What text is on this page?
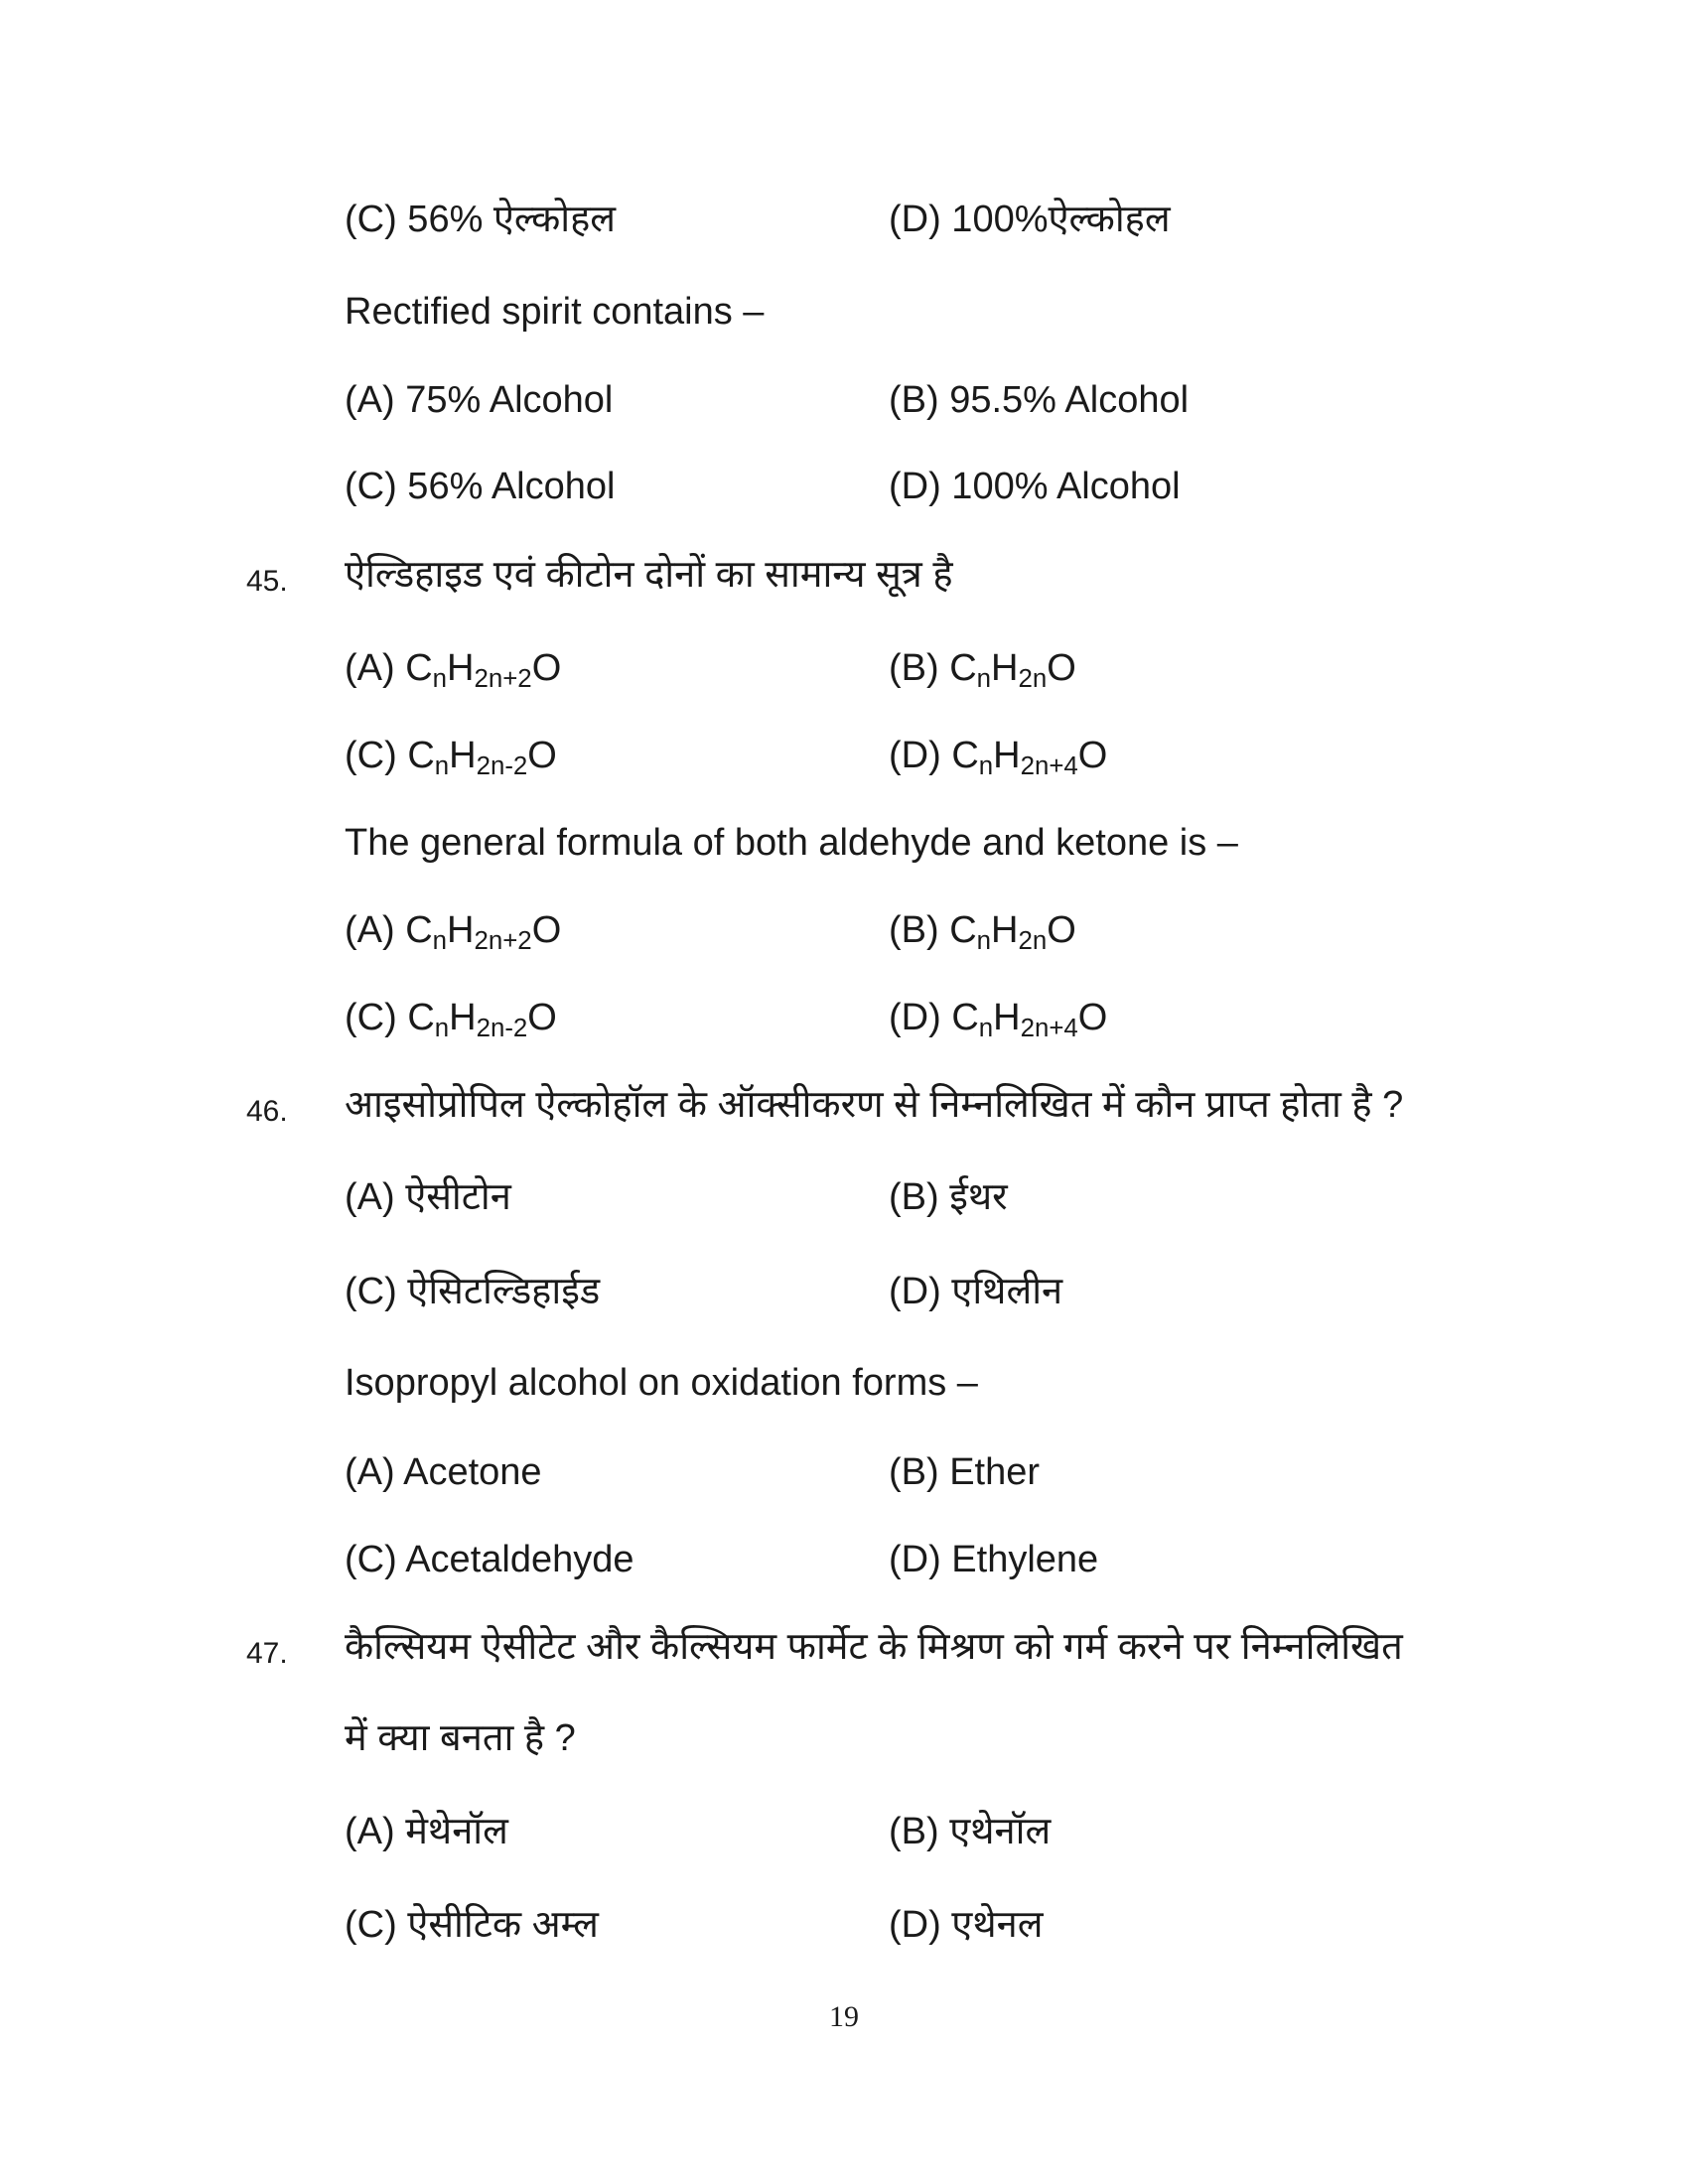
(C) 56% ऐल्कोहल	(D) 100%ऐल्कोहल
Rectified spirit contains –
(A) 75% Alcohol	(B) 95.5% Alcohol
(C) 56% Alcohol	(D) 100% Alcohol
45. ऐल्डिहाइड एवं कीटोन दोनों का सामान्य सूत्र है
(A) $C_nH_{2n+2}O$	(B) $C_nH_{2n}O$
(C) $C_nH_{2n-2}O$	(D) $C_nH_{2n+4}O$
The general formula of both aldehyde and ketone is –
(A) $C_nH_{2n+2}O$	(B) $C_nH_{2n}O$
(C) $C_nH_{2n-2}O$	(D) $C_nH_{2n+4}O$
46. आइसोप्रोपिल ऐल्कोहॉल के ऑक्सीकरण से निम्नलिखित में कौन प्राप्त होता है ?
(A) ऐसीटोन	(B) ईथर
(C) ऐसिटल्डिहाईड	(D) एथिलीन
Isopropyl alcohol on oxidation forms –
(A) Acetone	(B) Ether
(C) Acetaldehyde	(D) Ethylene
47. कैल्सियम ऐसीटेट और कैल्सियम फार्मेट के मिश्रण को गर्म करने पर निम्नलिखित
में क्या बनता है ?
(A) मेथेनॉल	(B) एथेनॉल
(C) ऐसीटिक अम्ल	(D) एथेनल
19
